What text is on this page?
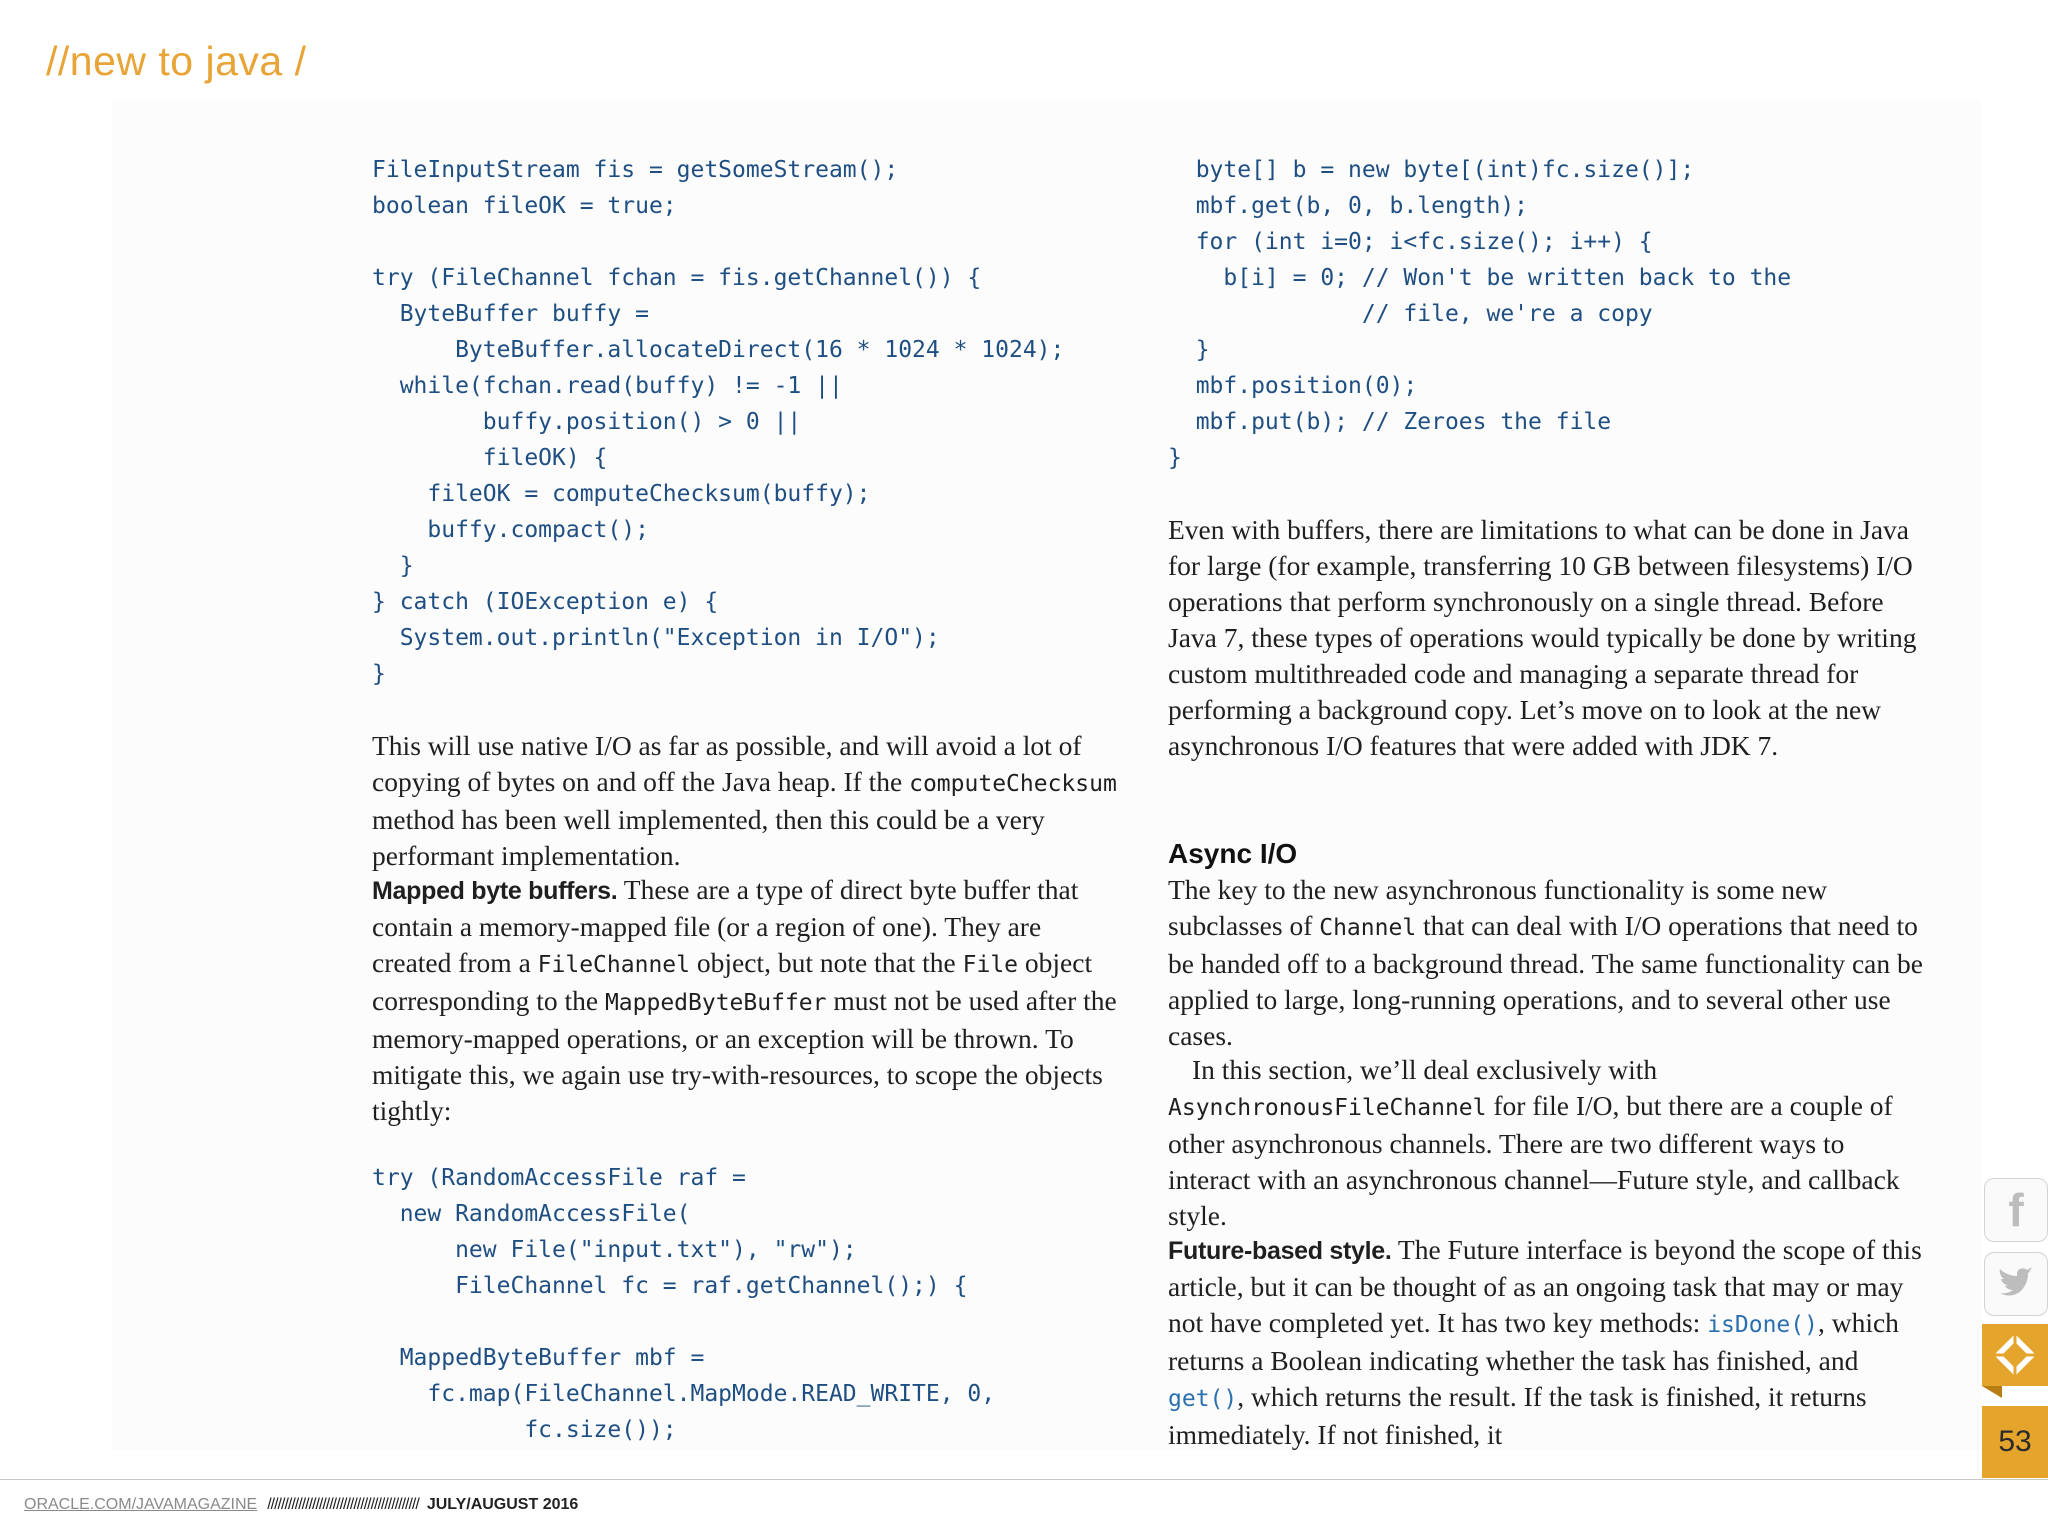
//new to java /
FileInputStream fis = getSomeStream();
boolean fileOK = true;

try (FileChannel fchan = fis.getChannel()) {
ByteBuffer buffy =
ByteBuffer.allocateDirect(16 * 1024 * 1024);
while(fchan.read(buffy) != -1 ||
buffy.position() > 0 ||
fileOK) {
fileOK = computeChecksum(buffy);
buffy.compact();
}
} catch (IOException e) {
System.out.println("Exception in I/O");
}

This will use native I/O as far as possible, and will avoid a lot of copying of bytes on and off the Java heap. If the computeChecksum method has been well implemented, then this could be a very performant implementation.

Mapped byte buffers. These are a type of direct byte buffer that contain a memory-mapped file (or a region of one). They are created from a FileChannel object, but note that the File object corresponding to the MappedByteBuffer must not be used after the memory-mapped operations, or an exception will be thrown. To mitigate this, we again use try-with-resources, to scope the objects tightly:

try (RandomAccessFile raf =
new RandomAccessFile(
new File("input.txt"), "rw");
FileChannel fc = raf.getChannel();) {

MappedByteBuffer mbf =
fc.map(FileChannel.MapMode.READ_WRITE, 0,
fc.size());
byte[] b = new byte[(int)fc.size()];
mbf.get(b, 0, b.length);
for (int i=0; i<fc.size(); i++) {
b[i] = 0; // Won't be written back to the
// file, we're a copy
}
mbf.position(0);
mbf.put(b); // Zeroes the file
}

Even with buffers, there are limitations to what can be done in Java for large (for example, transferring 10 GB between filesystems) I/O operations that perform synchronously on a single thread. Before Java 7, these types of operations would typically be done by writing custom multithreaded code and managing a separate thread for performing a background copy. Let’s move on to look at the new asynchronous I/O features that were added with JDK 7.

Async I/O

The key to the new asynchronous functionality is some new subclasses of Channel that can deal with I/O operations that need to be handed off to a background thread. The same functionality can be applied to large, long-running operations, and to several other use cases.

In this section, we’ll deal exclusively with AsynchronousFileChannel for file I/O, but there are a couple of other asynchronous channels. There are two different ways to interact with an asynchronous channel—Future style, and callback style.

Future-based style. The Future interface is beyond the scope of this article, but it can be thought of as an ongoing task that may or may not have completed yet. It has two key methods: isDone(), which returns a Boolean indicating whether the task has finished, and get(), which returns the result. If the task is finished, it returns immediately. If not finished, it

f
53
ORACLE.COM/JAVAMAGAZINE //////////////////////////////////////////// JULY/AUGUST 2016
